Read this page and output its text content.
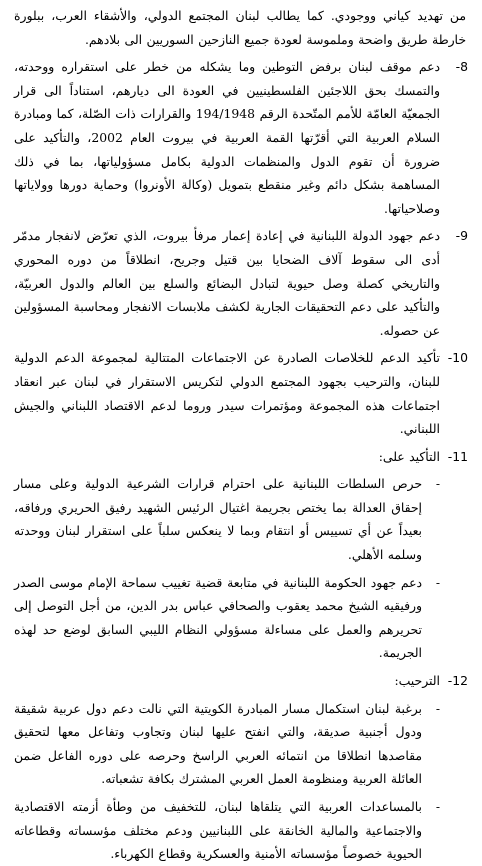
من تهديد كياني ووجودي. كما يطالب لبنان المجتمع الدولي، والأشقاء العرب، ببلورة خارطة طريق واضحة وملموسة لعودة جميع النازحين السوريين الى بلادهم.

-8
دعم موقف لبنان برفض التوطين وما يشكله من خطر على استقراره ووحدته، والتمسك بحق اللاجئين الفلسطينيين في العودة الى ديارهم، استناداً الى قرار الجمعيّة العامّة للأمم المتّحدة الرقم 194/1948 والقرارات ذات الصّلة، كما ومبادرة السلام العربية التي أقرّتها القمة العربية في بيروت العام 2002، والتأكيد على ضرورة أن تقوم الدول والمنظمات الدولية بكامل مسؤولياتها، بما في ذلك المساهمة بشكل دائم وغير منقطع بتمويل (وكالة الأونروا) وحماية دورها وولاياتها وصلاحياتها.
-9
دعم جهود الدولة اللبنانية في إعادة إعمار مرفأ بيروت، الذي تعرّض لانفجار مدمّر أدى الى سقوط آلاف الضحايا بين قتيل وجريح، انطلاقاً من دوره المحوري والتاريخي كصلة وصل حيوية لتبادل البضائع والسلع بين العالم والدول العربيّة، والتأكيد على دعم التحقيقات الجارية لكشف ملابسات الانفجار ومحاسبة المسؤولين عن حصوله.
-10
تأكيد الدعم للخلاصات الصادرة عن الاجتماعات المتتالية لمجموعة الدعم الدولية للبنان، والترحيب بجهود المجتمع الدولي لتكريس الاستقرار في لبنان عبر انعقاد اجتماعات هذه المجموعة ومؤتمرات سيدر وروما لدعم الاقتصاد اللبناني والجيش اللبناني.
-11
التأكيد على:
-
حرص السلطات اللبنانية على احترام قرارات الشرعية الدولية وعلى مسار إحقاق العدالة بما يختص بجريمة اغتيال الرئيس الشهيد رفيق الحريري ورفاقه، بعيداً عن أي تسييس أو انتقام وبما لا ينعكس سلباً على استقرار لبنان ووحدته وسلمه الأهلي.
-
دعم جهود الحكومة اللبنانية في متابعة قضية تغييب سماحة الإمام موسى الصدر ورفيقيه الشيخ محمد يعقوب والصحافي عباس بدر الدين، من أجل التوصل إلى تحريرهم والعمل على مساءلة مسؤولي النظام الليبي السابق لوضع حد لهذه الجريمة.
-12
الترحيب:
-
برغبة لبنان استكمال مسار المبادرة الكويتية التي نالت دعم دول عربية شقيقة ودول أجنبية صديقة، والتي انفتح عليها لبنان وتجاوب وتفاعل معها لتحقيق مقاصدها انطلاقا من انتمائه العربي الراسخ وحرصه على دوره الفاعل ضمن العائلة العربية ومنظومة العمل العربي المشترك بكافة تشعباته.
-
بالمساعدات العربية التي يتلقاها لبنان، للتخفيف من وطأة أزمته الاقتصادية والاجتماعية والمالية الخانقة على اللبنانيين ودعم مختلف مؤسساته وقطاعاته الحيوية خصوصاً مؤسساته الأمنية والعسكرية وقطاع الكهرباء.
